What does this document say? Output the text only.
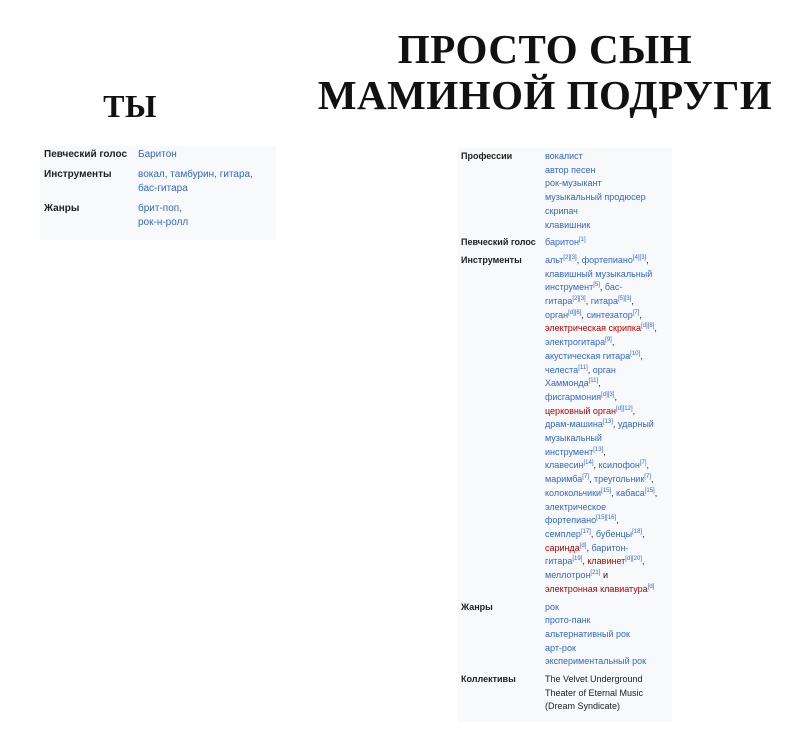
ТЫ
ПРОСТО СЫН
МАМИНОЙ ПОДРУГИ
Певческий голос	Баритон
Инструменты	вокал, тамбурин, гитара,
бас-гитара
Жанры	брит-поп,
рок-н-ролл
Профессии	вокалист
автор песен
рок-музыкант
музыкальный продюсер
скрипач
клавишник
Певческий голос	баритон[1]
Инструменты	альт[2][3], фортепиано[4][3],
клавишный музыкальный
инструмент[5], бас-
гитара[2][3], гитара[5][3],
орган[d][6], синтезатор[7],
электрическая скрипка[d][8],
электрогитара[9],
акустическая гитара[10],
челеста[11], орган
Хаммонда[11],
фисгармония[d][3],
церковный орган[d][12],
драм-машина[13], ударный
музыкальный
инструмент[13],
клавесин[14], ксилофон[7],
маримба[7], треугольник[7],
колокольчики[15], кабаса[15],
электрическое
фортепиано[15][16],
семплер[17], бубенцы[18],
саринда[d], баритон-
гитара[19], клавинет[d][20],
меллотрон[21] и
электронная клавиатура[d]
Жанры	рок
прото-панк
альтернативный рок
арт-рок
экспериментальный рок
Коллективы	The Velvet Underground
Theater of Eternal Music
(Dream Syndicate)
